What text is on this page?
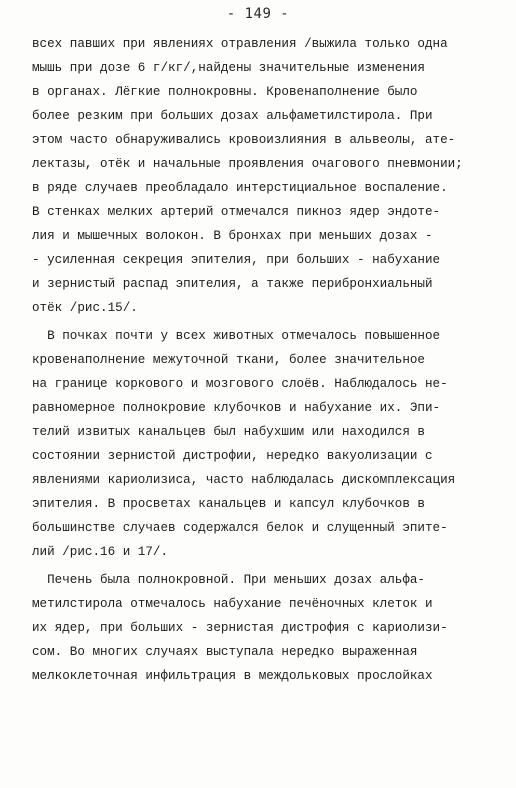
- 149 -

всех павших при явлениях отравления /выжила только одна

мышь при дозе 6 г/кг/,найдены значительные изменения

в органах. Лёгкие полнокровны. Кровенаполнение было

более резким при больших дозах альфаметилстирола. При

этом часто обнаруживались кровоизлияния в альвеолы, ате-

лектазы, отёк и начальные проявления очагового пневмонии;

в ряде случаев преобладало интерстициальное воспаление.

В стенках мелких артерий отмечался пикноз ядер эндоте-

лия и мышечных волокон. В бронхах при меньших дозах -

- усиленная секреция эпителия, при больших - набухание

и зернистый распад эпителия, а также перибронхиальный

отёк /рис.15/.

В почках почти у всех животных отмечалось повышенное

кровенаполнение межуточной ткани, более значительное

на границе коркового и мозгового слоёв. Наблюдалось не-

равномерное полнокровие клубочков и набухание их. Эпи-

телий извитых канальцев был набухшим или находился в

состоянии зернистой дистрофии, нередко вакуолизации с

явлениями кариолизиса, часто наблюдалась дискомплексация

эпителия. В просветах канальцев и капсул клубочков в

большинстве случаев содержался белок и слущенный эпите-

лий /рис.16 и 17/.

Печень была полнокровной. При меньших дозах альфа-

метилстирола отмечалось набухание печёночных клеток и

их ядер, при больших - зернистая дистрофия с кариолизи-

сом. Во многих случаях выступала нередко выраженная

мелкоклеточная инфильтрация в междольковых прослойках
